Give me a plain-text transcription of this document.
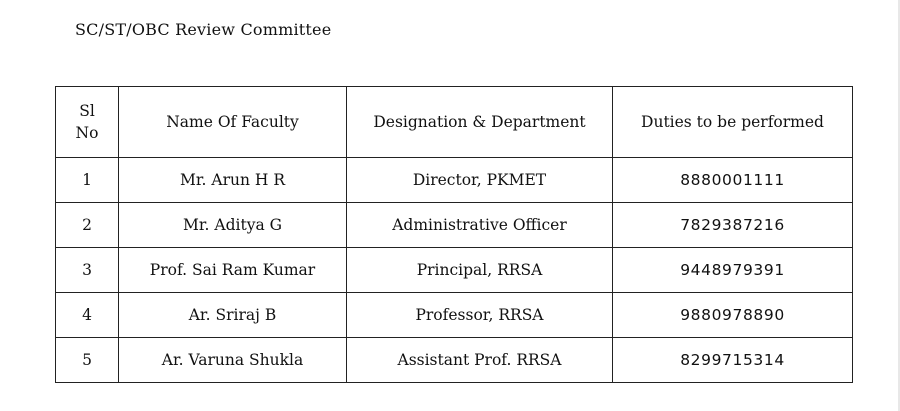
SC/ST/OBC Review Committee
Sl
No	Name Of Faculty	Designation & Department	Duties to be performed
1	Mr. Arun H R	Director, PKMET	8880001111
2	Mr. Aditya G	Administrative Officer	7829387216
3	Prof. Sai Ram Kumar	Principal, RRSA	9448979391
4	Ar. Sriraj B	Professor, RRSA	9880978890
5	Ar. Varuna Shukla	Assistant Prof. RRSA	8299715314
